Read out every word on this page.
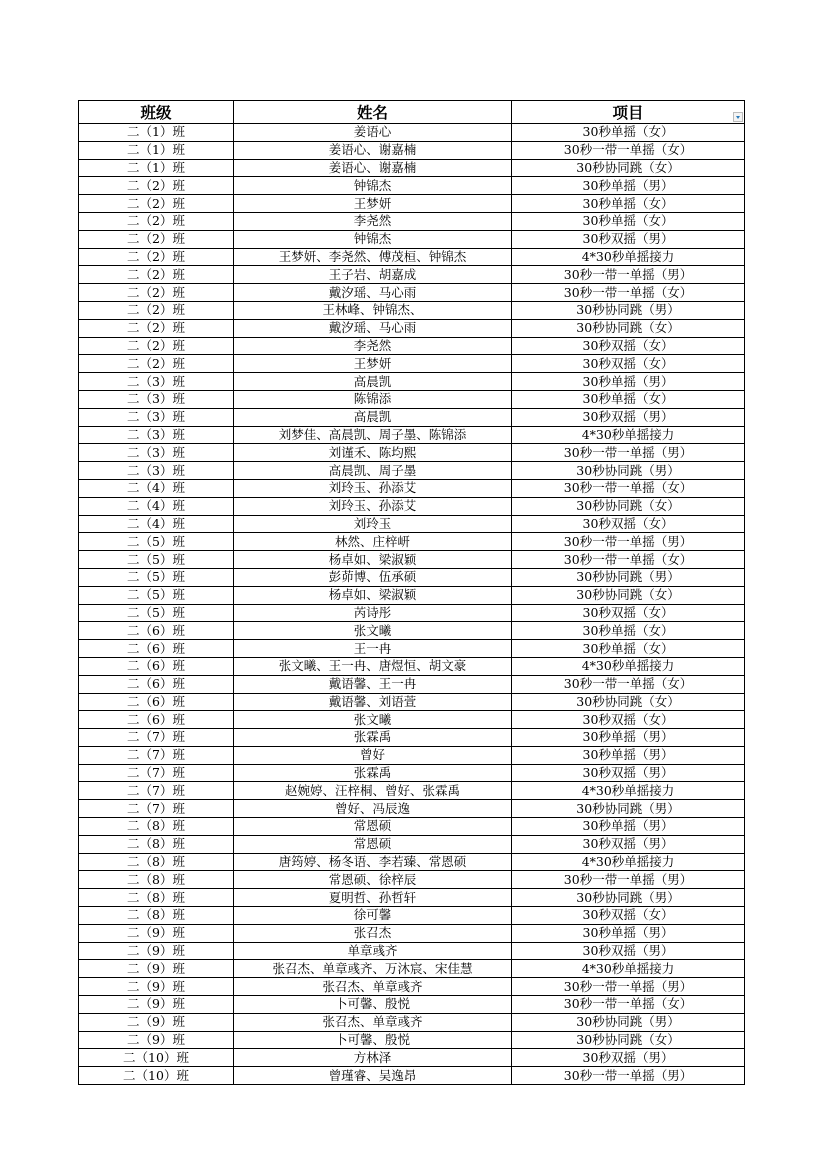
班级	姓名	项目

二（1）班	姜语心	30秒单摇（女）
二（1）班	姜语心、谢嘉楠	30秒一带一单摇（女）
二（1）班	姜语心、谢嘉楠	30秒协同跳（女）
二（2）班	钟锦杰	30秒单摇（男）
二（2）班	王梦妍	30秒单摇（女）
二（2）班	李尧然	30秒单摇（女）
二（2）班	钟锦杰	30秒双摇（男）
二（2）班	王梦妍、李尧然、傅茂桓、钟锦杰	4*30秒单摇接力
二（2）班	王子岩、胡嘉成	30秒一带一单摇（男）
二（2）班	戴汐瑶、马心雨	30秒一带一单摇（女）
二（2）班	王林峰、钟锦杰、	30秒协同跳（男）
二（2）班	戴汐瑶、马心雨	30秒协同跳（女）
二（2）班	李尧然	30秒双摇（女）
二（2）班	王梦妍	30秒双摇（女）
二（3）班	高晨凯	30秒单摇（男）
二（3）班	陈锦添	30秒单摇（女）
二（3）班	高晨凯	30秒双摇（男）
二（3）班	刘梦佳、高晨凯、周子墨、陈锦添	4*30秒单摇接力
二（3）班	刘谨禾、陈均熙	30秒一带一单摇（男）
二（3）班	高晨凯、周子墨	30秒协同跳（男）
二（4）班	刘玲玉、孙添艾	30秒一带一单摇（女）
二（4）班	刘玲玉、孙添艾	30秒协同跳（女）
二（4）班	刘玲玉	30秒双摇（女）
二（5）班	林然、庄梓岍	30秒一带一单摇（男）
二（5）班	杨卓如、梁淑颖	30秒一带一单摇（女）
二（5）班	彭茆博、伍承硕	30秒协同跳（男）
二（5）班	杨卓如、梁淑颖	30秒协同跳（女）
二（5）班	芮诗彤	30秒双摇（女）
二（6）班	张文曦	30秒单摇（女）
二（6）班	王一冉	30秒单摇（女）
二（6）班	张文曦、王一冉、唐煜恒、胡文豪	4*30秒单摇接力
二（6）班	戴语馨、王一冉	30秒一带一单摇（女）
二（6）班	戴语馨、刘语萱	30秒协同跳（女）
二（6）班	张文曦	30秒双摇（女）
二（7）班	张霖禹	30秒单摇（男）
二（7）班	曾好	30秒单摇（男）
二（7）班	张霖禹	30秒双摇（男）
二（7）班	赵婉婷、汪梓桐、曾好、张霖禹	4*30秒单摇接力
二（7）班	曾好、冯辰逸	30秒协同跳（男）
二（8）班	常恩硕	30秒单摇（男）
二（8）班	常恩硕	30秒双摇（男）
二（8）班	唐筠婷、杨冬语、李若臻、常恩硕	4*30秒单摇接力
二（8）班	常恩硕、徐梓辰	30秒一带一单摇（男）
二（8）班	夏明哲、孙哲轩	30秒协同跳（男）
二（8）班	徐可馨	30秒双摇（女）
二（9）班	张召杰	30秒单摇（男）
二（9）班	单章彧齐	30秒双摇（男）
二（9）班	张召杰、单章彧齐、万沐宸、宋佳慧	4*30秒单摇接力
二（9）班	张召杰、单章彧齐	30秒一带一单摇（男）
二（9）班	卜可馨、殷悦	30秒一带一单摇（女）
二（9）班	张召杰、单章彧齐	30秒协同跳（男）
二（9）班	卜可馨、殷悦	30秒协同跳（女）
二（10）班	方林泽	30秒双摇（男）
二（10）班	曾瑾睿、吴逸昂	30秒一带一单摇（男）
